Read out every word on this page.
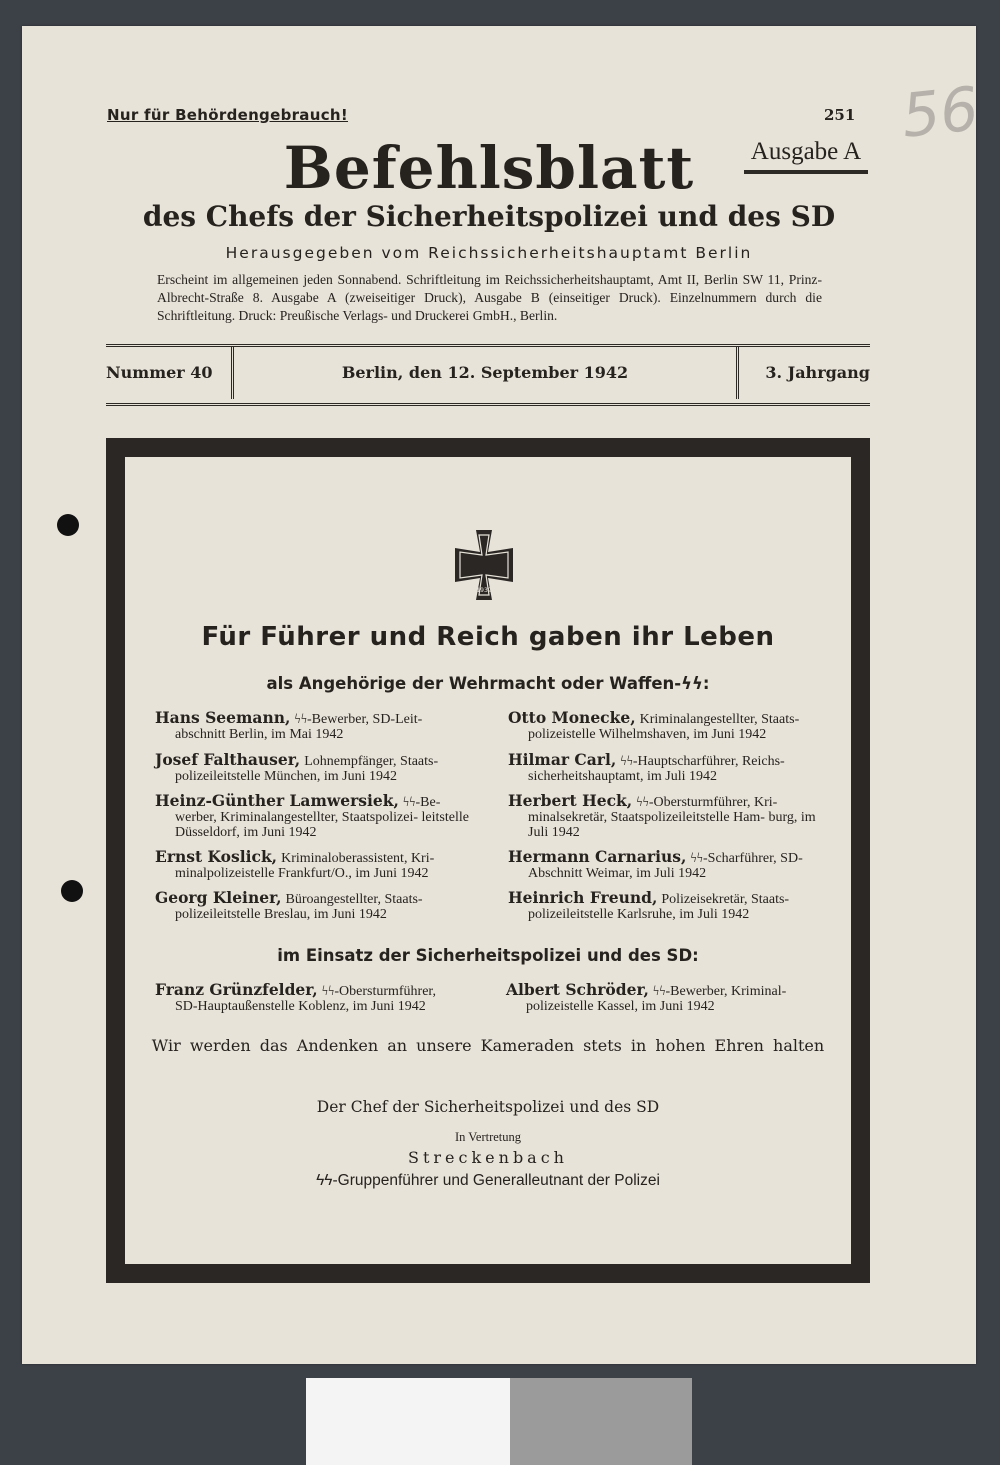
Nur für Behördengebrauch!	251 56
Befehlsblatt	Ausgabe A
des Chefs der Sicherheitspolizei und des SD
Herausgegeben vom Reichssicherheitshauptamt Berlin
Erscheint im allgemeinen jeden Sonnabend. Schriftleitung im Reichssicherheitshauptamt, Amt II, Berlin SW 11, Prinz-Albrecht-Straße 8. Ausgabe A (zweiseitiger Druck), Ausgabe B (einseitiger Druck). Einzelnummern durch die Schriftleitung. Druck: Preußische Verlags- und Druckerei GmbH., Berlin.
Nummer 40	Berlin, den 12. September 1942	3. Jahrgang
1939
Für Führer und Reich gaben ihr Leben
als Angehörige der Wehrmacht oder Waffen-ϟϟ:
Hans Seemann, ϟϟ-Bewerber, SD-Leit-
abschnitt Berlin, im Mai 1942
Josef Falthauser, Lohnempfänger, Staats-
polizeileitstelle München, im Juni 1942
Heinz-Günther Lamwersiek, ϟϟ-Be-
werber, Kriminalangestellter, Staatspolizei- leitstelle Düsseldorf, im Juni 1942
Ernst Koslick, Kriminaloberassistent, Kri-
minalpolizeistelle Frankfurt/O., im Juni 1942
Georg Kleiner, Büroangestellter, Staats-
polizeileitstelle Breslau, im Juni 1942
Otto Monecke, Kriminalangestellter, Staats-
polizeistelle Wilhelmshaven, im Juni 1942
Hilmar Carl, ϟϟ-Hauptscharführer, Reichs-
sicherheitshauptamt, im Juli 1942
Herbert Heck, ϟϟ-Obersturmführer, Kri-
minalsekretär, Staatspolizeileitstelle Ham- burg, im Juli 1942
Hermann Carnarius, ϟϟ-Scharführer, SD-
Abschnitt Weimar, im Juli 1942
Heinrich Freund, Polizeisekretär, Staats-
polizeileitstelle Karlsruhe, im Juli 1942
im Einsatz der Sicherheitspolizei und des SD:
Franz Grünzfelder, ϟϟ-Obersturmführer,
SD-Hauptaußenstelle Koblenz, im Juni 1942
Albert Schröder, ϟϟ-Bewerber, Kriminal-
polizeistelle Kassel, im Juni 1942
Wir werden das Andenken an unsere Kameraden stets in hohen Ehren halten
Der Chef der Sicherheitspolizei und des SD
In Vertretung
Streckenbach
ϟϟ-Gruppenführer und Generalleutnant der Polizei
